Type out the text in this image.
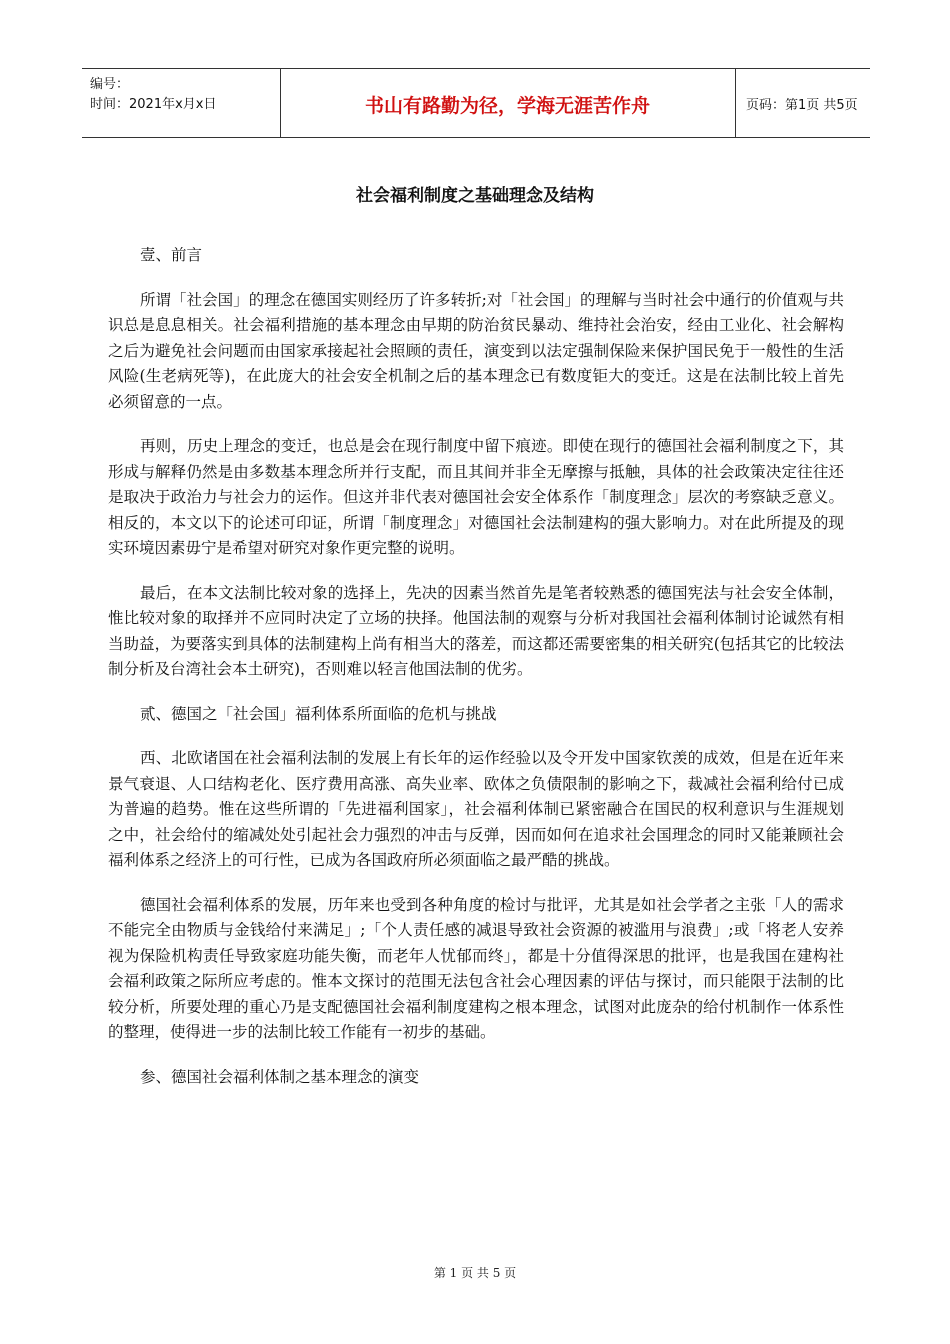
编号：
时间：2021年x月x日	书山有路勤为径，学海无涯苦作舟	页码：第1页 共5页
社会福利制度之基础理念及结构

壹、前言

所谓「社会国」的理念在德国实则经历了许多转折;对「社会国」的理解与当时社会中通行的价值观与共识总是息息相关。社会福利措施的基本理念由早期的防治贫民暴动、维持社会治安，经由工业化、社会解构之后为避免社会问题而由国家承接起社会照顾的责任，演变到以法定强制保险来保护国民免于一般性的生活风险(生老病死等)，在此庞大的社会安全机制之后的基本理念已有数度钜大的变迁。这是在法制比较上首先必须留意的一点。

再则，历史上理念的变迁，也总是会在现行制度中留下痕迹。即使在现行的德国社会福利制度之下，其形成与解释仍然是由多数基本理念所并行支配，而且其间并非全无摩擦与抵触，具体的社会政策决定往往还是取决于政治力与社会力的运作。但这并非代表对德国社会安全体系作「制度理念」层次的考察缺乏意义。相反的，本文以下的论述可印证，所谓「制度理念」对德国社会法制建构的强大影响力。对在此所提及的现实环境因素毋宁是希望对研究对象作更完整的说明。

最后，在本文法制比较对象的选择上，先决的因素当然首先是笔者较熟悉的德国宪法与社会安全体制，惟比较对象的取择并不应同时决定了立场的抉择。他国法制的观察与分析对我国社会福利体制讨论诚然有相当助益，为要落实到具体的法制建构上尚有相当大的落差，而这都还需要密集的相关研究(包括其它的比较法制分析及台湾社会本土研究)，否则难以轻言他国法制的优劣。

贰、德国之「社会国」福利体系所面临的危机与挑战

西、北欧诸国在社会福利法制的发展上有长年的运作经验以及令开发中国家钦羡的成效，但是在近年来景气衰退、人口结构老化、医疗费用高涨、高失业率、欧体之负债限制的影响之下，裁减社会福利给付已成为普遍的趋势。惟在这些所谓的「先进福利国家」，社会福利体制已紧密融合在国民的权利意识与生涯规划之中，社会给付的缩减处处引起社会力强烈的冲击与反弹，因而如何在追求社会国理念的同时又能兼顾社会福利体系之经济上的可行性，已成为各国政府所必须面临之最严酷的挑战。

德国社会福利体系的发展，历年来也受到各种角度的检讨与批评，尤其是如社会学者之主张「人的需求不能完全由物质与金钱给付来满足」;「个人责任感的减退导致社会资源的被滥用与浪费」;或「将老人安养视为保险机构责任导致家庭功能失衡，而老年人忧郁而终」，都是十分值得深思的批评，也是我国在建构社会福利政策之际所应考虑的。惟本文探讨的范围无法包含社会心理因素的评估与探讨，而只能限于法制的比较分析，所要处理的重心乃是支配德国社会福利制度建构之根本理念，试图对此庞杂的给付机制作一体系性的整理，使得进一步的法制比较工作能有一初步的基础。

参、德国社会福利体制之基本理念的演变

第 1 页 共 5 页
